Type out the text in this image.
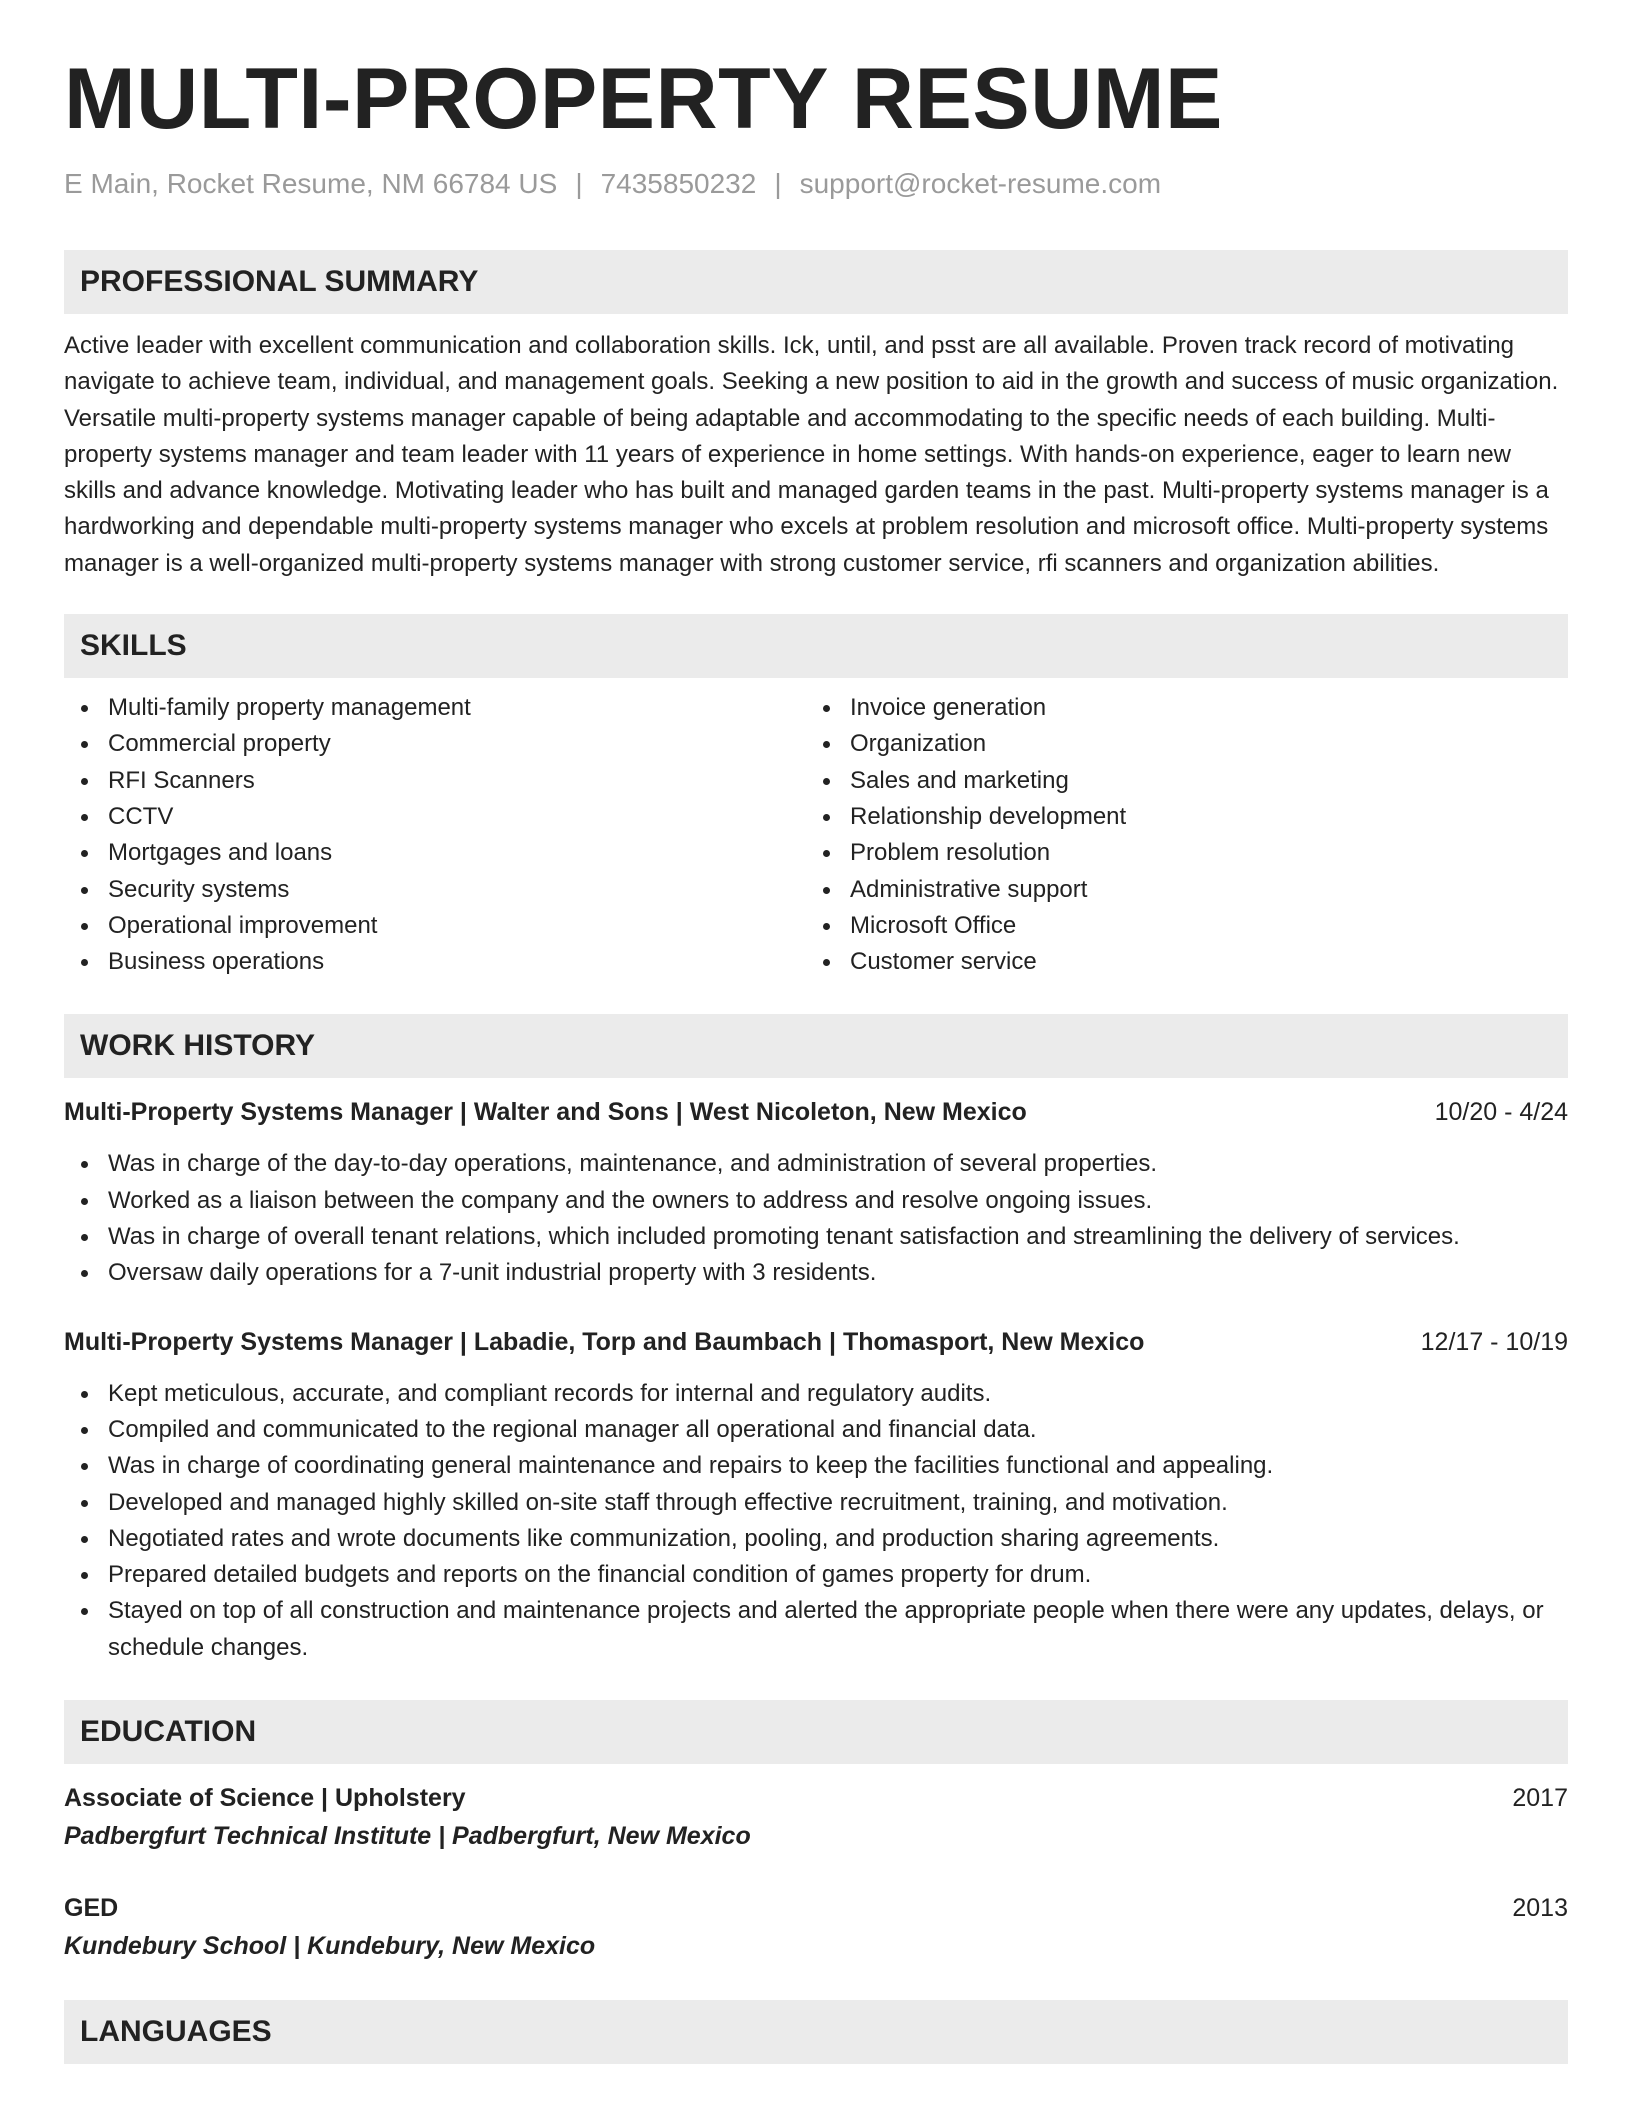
MULTI-PROPERTY RESUME
E Main, Rocket Resume, NM 66784 US | 7435850232 | support@rocket-resume.com
PROFESSIONAL SUMMARY

Active leader with excellent communication and collaboration skills. Ick, until, and psst are all available. Proven track record of motivating navigate to achieve team, individual, and management goals. Seeking a new position to aid in the growth and success of music organization. Versatile multi-property systems manager capable of being adaptable and accommodating to the specific needs of each building. Multi-property systems manager and team leader with 11 years of experience in home settings. With hands-on experience, eager to learn new skills and advance knowledge. Motivating leader who has built and managed garden teams in the past. Multi-property systems manager is a hardworking and dependable multi-property systems manager who excels at problem resolution and microsoft office. Multi-property systems manager is a well-organized multi-property systems manager with strong customer service, rfi scanners and organization abilities.

SKILLS
Multi-family property management
Commercial property
RFI Scanners
CCTV
Mortgages and loans
Security systems
Operational improvement
Business operations
Invoice generation
Organization
Sales and marketing
Relationship development
Problem resolution
Administrative support
Microsoft Office
Customer service
WORK HISTORY
Multi-Property Systems Manager | Walter and Sons | West Nicoleton, New Mexico	10/20 - 4/24
Was in charge of the day-to-day operations, maintenance, and administration of several properties.
Worked as a liaison between the company and the owners to address and resolve ongoing issues.
Was in charge of overall tenant relations, which included promoting tenant satisfaction and streamlining the delivery of services.
Oversaw daily operations for a 7-unit industrial property with 3 residents.
Multi-Property Systems Manager | Labadie, Torp and Baumbach | Thomasport, New Mexico	12/17 - 10/19
Kept meticulous, accurate, and compliant records for internal and regulatory audits.
Compiled and communicated to the regional manager all operational and financial data.
Was in charge of coordinating general maintenance and repairs to keep the facilities functional and appealing.
Developed and managed highly skilled on-site staff through effective recruitment, training, and motivation.
Negotiated rates and wrote documents like communization, pooling, and production sharing agreements.
Prepared detailed budgets and reports on the financial condition of games property for drum.
Stayed on top of all construction and maintenance projects and alerted the appropriate people when there were any updates, delays, or schedule changes.
EDUCATION
Associate of Science | Upholstery	2017
Padbergfurt Technical Institute | Padbergfurt, New Mexico
GED	2013
Kundebury School | Kundebury, New Mexico
LANGUAGES
